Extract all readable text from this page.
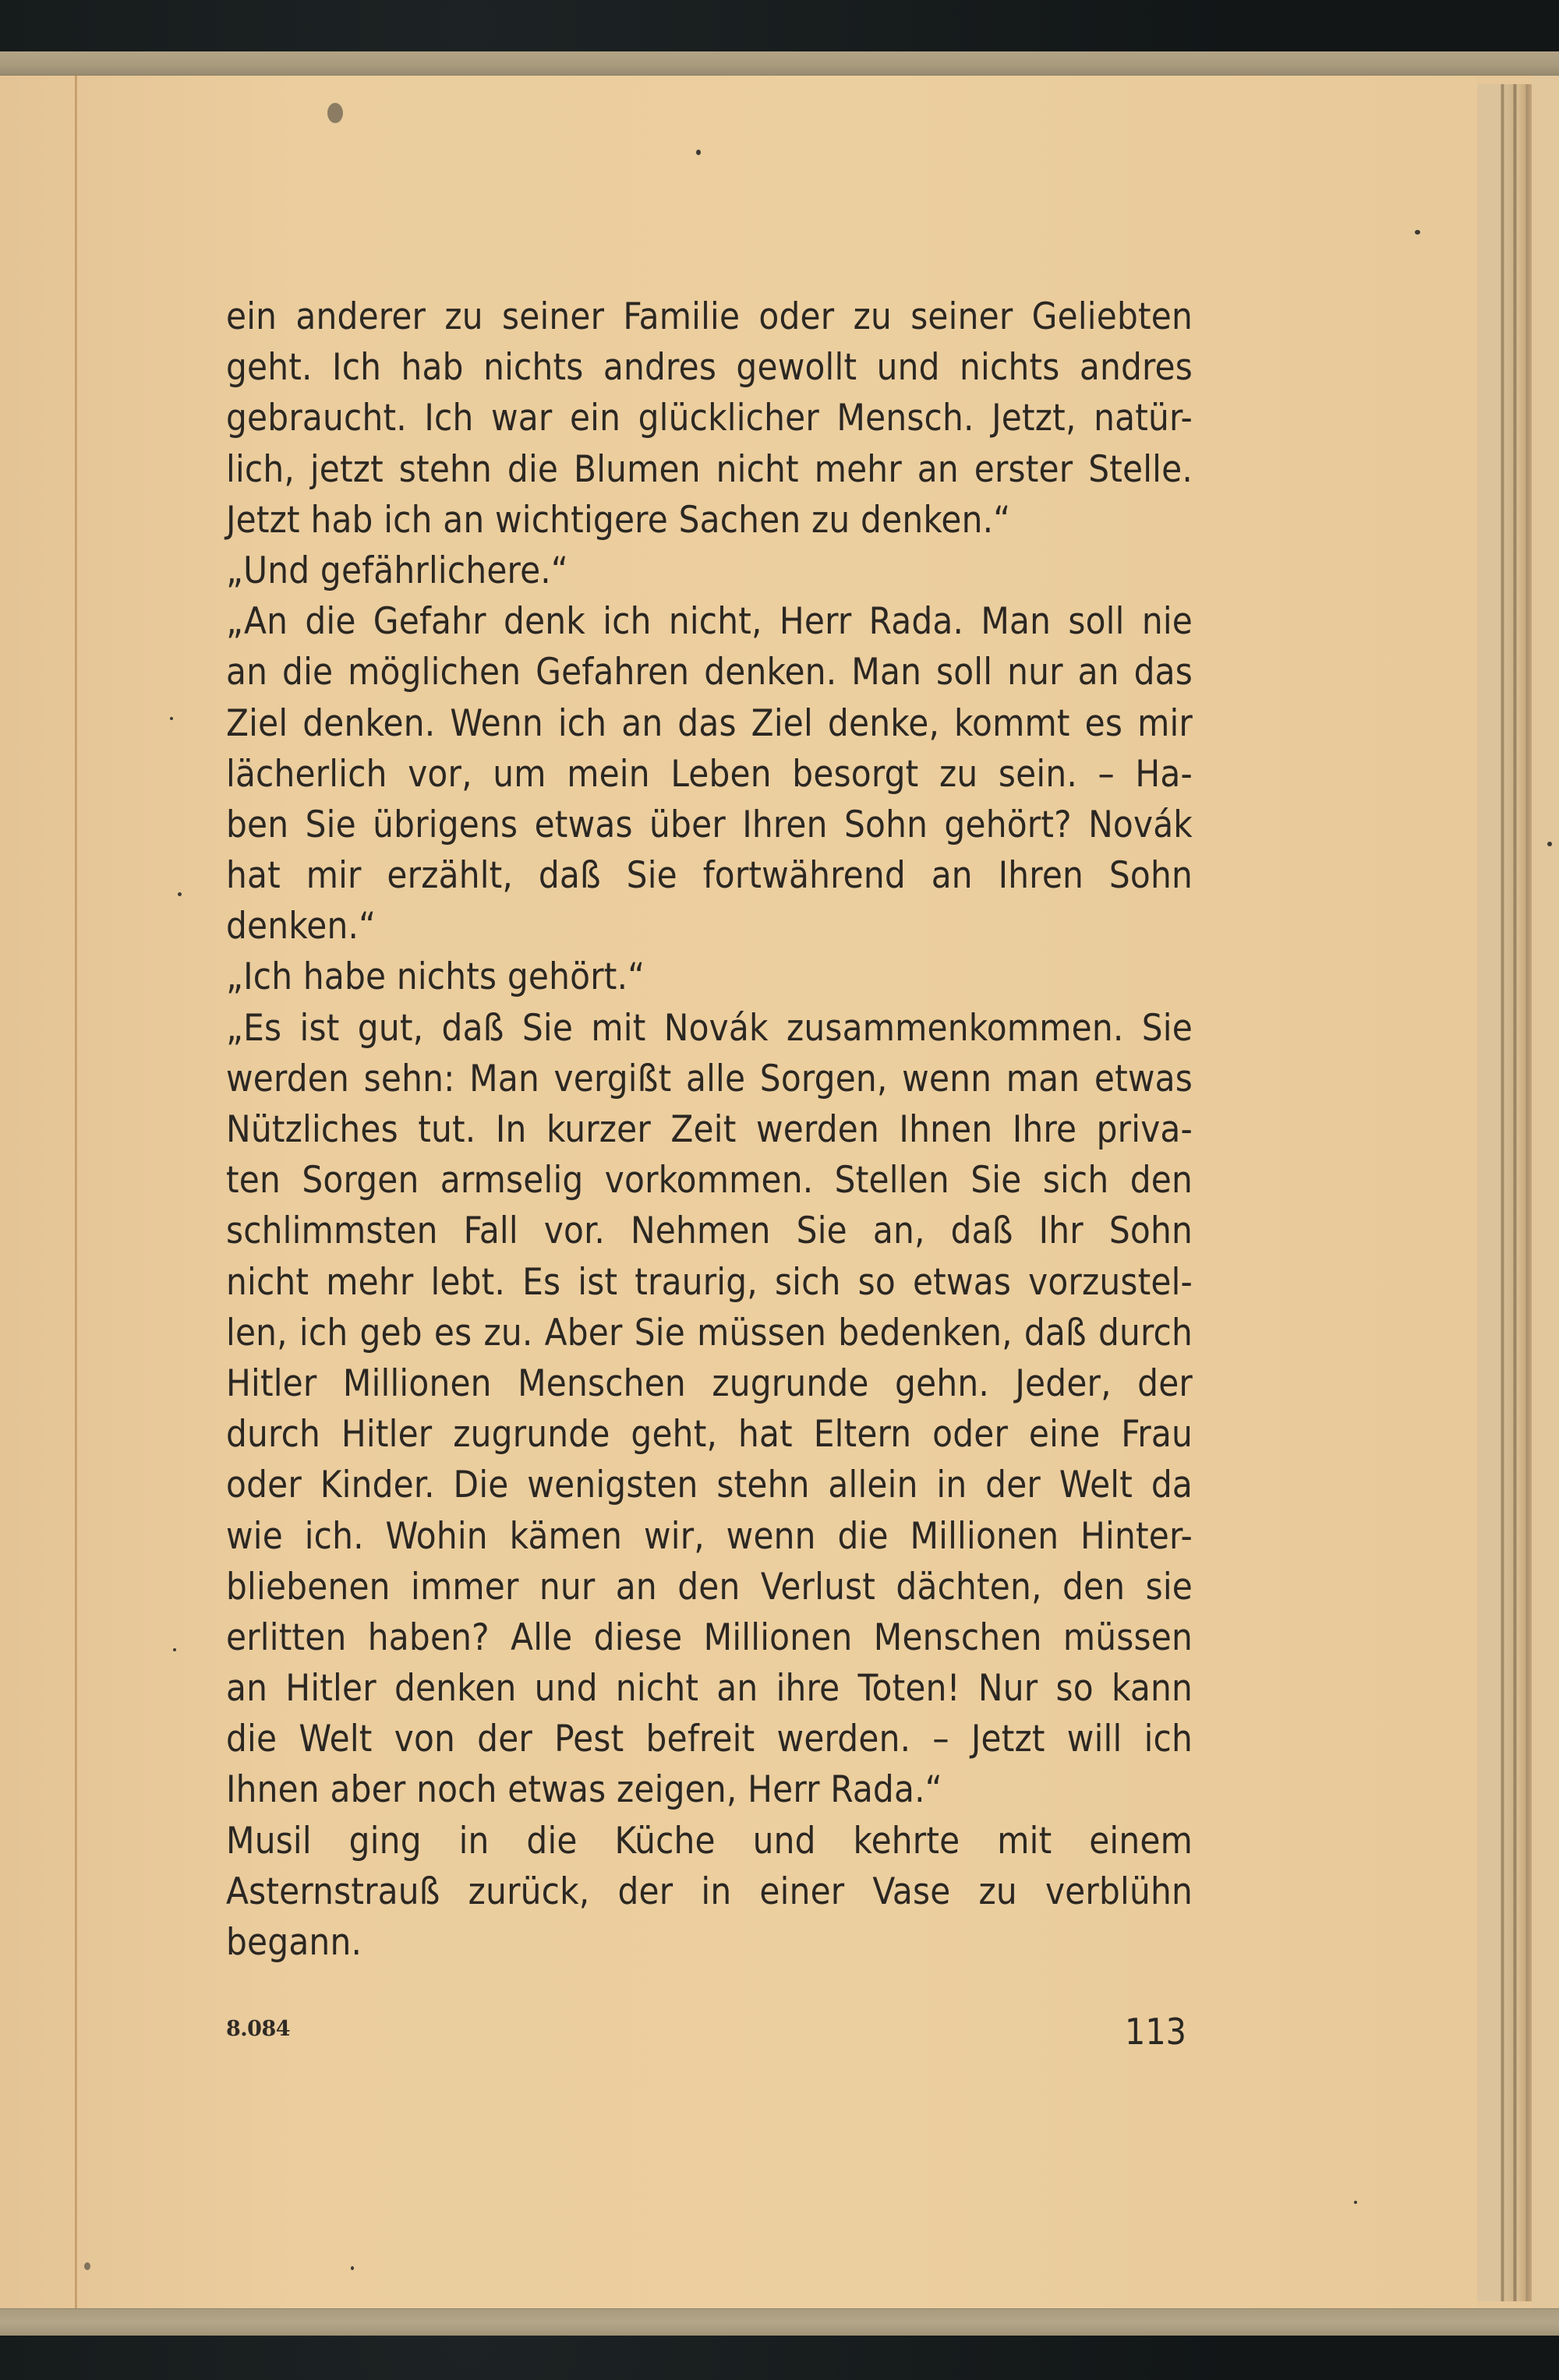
ein anderer zu seiner Familie oder zu seiner Geliebten
geht. Ich hab nichts andres gewollt und nichts andres
gebraucht. Ich war ein glücklicher Mensch. Jetzt, natür-
lich, jetzt stehn die Blumen nicht mehr an erster Stelle.
Jetzt hab ich an wichtigere Sachen zu denken.“
„Und gefährlichere.“
„An die Gefahr denk ich nicht, Herr Rada. Man soll nie
an die möglichen Gefahren denken. Man soll nur an das
Ziel denken. Wenn ich an das Ziel denke, kommt es mir
lächerlich vor, um mein Leben besorgt zu sein. – Ha-
ben Sie übrigens etwas über Ihren Sohn gehört? Novák
hat mir erzählt, daß Sie fortwährend an Ihren Sohn
denken.“
„Ich habe nichts gehört.“
„Es ist gut, daß Sie mit Novák zusammenkommen. Sie
werden sehn: Man vergißt alle Sorgen, wenn man etwas
Nützliches tut. In kurzer Zeit werden Ihnen Ihre priva-
ten Sorgen armselig vorkommen. Stellen Sie sich den
schlimmsten Fall vor. Nehmen Sie an, daß Ihr Sohn
nicht mehr lebt. Es ist traurig, sich so etwas vorzustel-
len, ich geb es zu. Aber Sie müssen bedenken, daß durch
Hitler Millionen Menschen zugrunde gehn. Jeder, der
durch Hitler zugrunde geht, hat Eltern oder eine Frau
oder Kinder. Die wenigsten stehn allein in der Welt da
wie ich. Wohin kämen wir, wenn die Millionen Hinter-
bliebenen immer nur an den Verlust dächten, den sie
erlitten haben? Alle diese Millionen Menschen müssen
an Hitler denken und nicht an ihre Toten! Nur so kann
die Welt von der Pest befreit werden. – Jetzt will ich
Ihnen aber noch etwas zeigen, Herr Rada.“
Musil ging in die Küche und kehrte mit einem
Asternstrauß zurück, der in einer Vase zu verblühn
begann.
8.084	113
